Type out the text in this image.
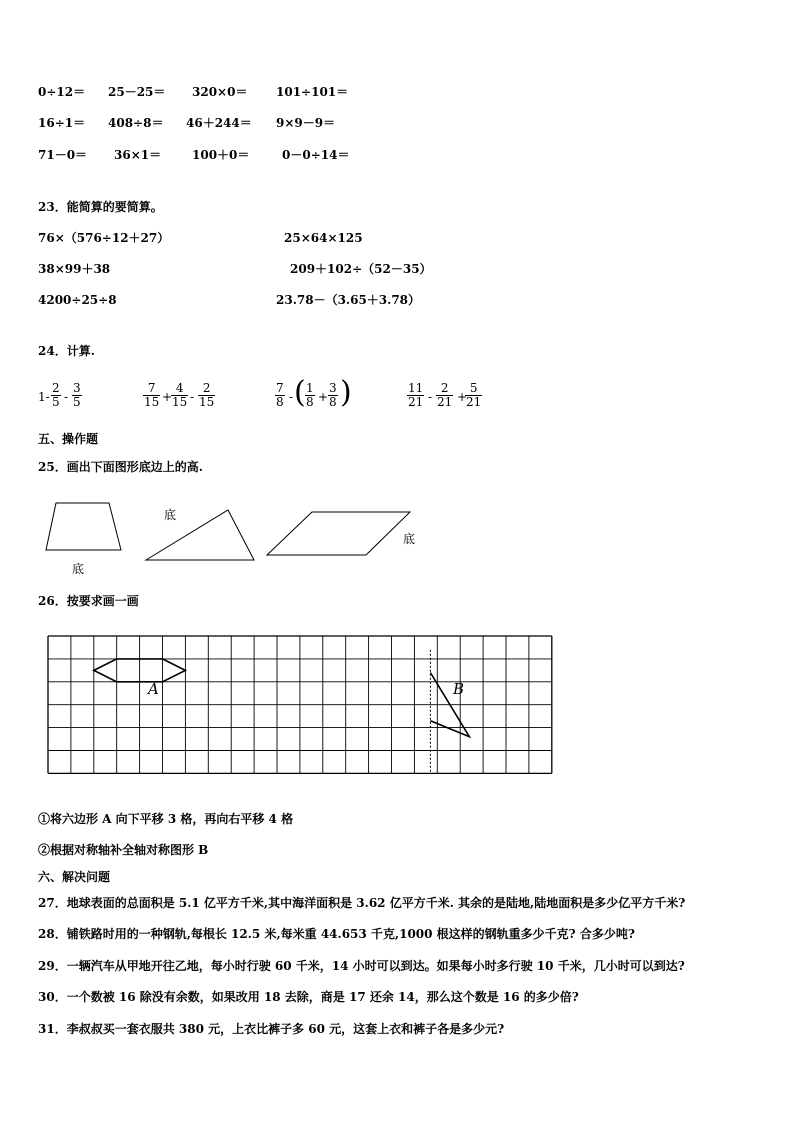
0÷12＝ 25－25＝ 320×0＝ 101÷101＝
16÷1＝ 408÷8＝ 46＋244＝ 9×9－9＝
71－0＝ 36×1＝	100＋0＝	0－0÷14＝
23．能简算的要简算。
76×（576÷12＋27）	25×64×125
38×99＋38	209＋102÷（52－35）
4200÷25÷8	23.78－（3.65＋3.78）
24．计算.
$1- \frac{2}{5} - \frac{3}{5}$	$\frac{7}{15}$ +
$\frac{4}{15} - \frac{2}{15}$	$\frac{7}{8}$ - ( $\frac{1}{8} + \frac{3}{8}$ )	$\frac{11}{21} - \frac{2}{21}$ +
$\frac{5}{21}$
五、操作题
25．画出下面图形底边上的高.
底
底
底
26．按要求画一画
A	B
①将六边形 A 向下平移 3 格，再向右平移 4 格
②根据对称轴补全轴对称图形 B
六、解决问题
27．地球表面的总面积是 5.1 亿平方千米,其中海洋面积是 3.62 亿平方千米. 其余的是陆地,陆地面积是多少亿平方千米?
28．铺铁路时用的一种钢轨,每根长 12.5 米,每米重 44.653 千克,1000 根这样的钢轨重多少千克? 合多少吨?
29．一辆汽车从甲地开往乙地，每小时行驶 60 千米，14 小时可以到达。如果每小时多行驶 10 千米，几小时可以到达?
30．一个数被 16 除没有余数，如果改用 18 去除，商是 17 还余 14，那么这个数是 16 的多少倍?
31．李叔叔买一套衣服共 380 元，上衣比裤子多 60 元，这套上衣和裤子各是多少元?
